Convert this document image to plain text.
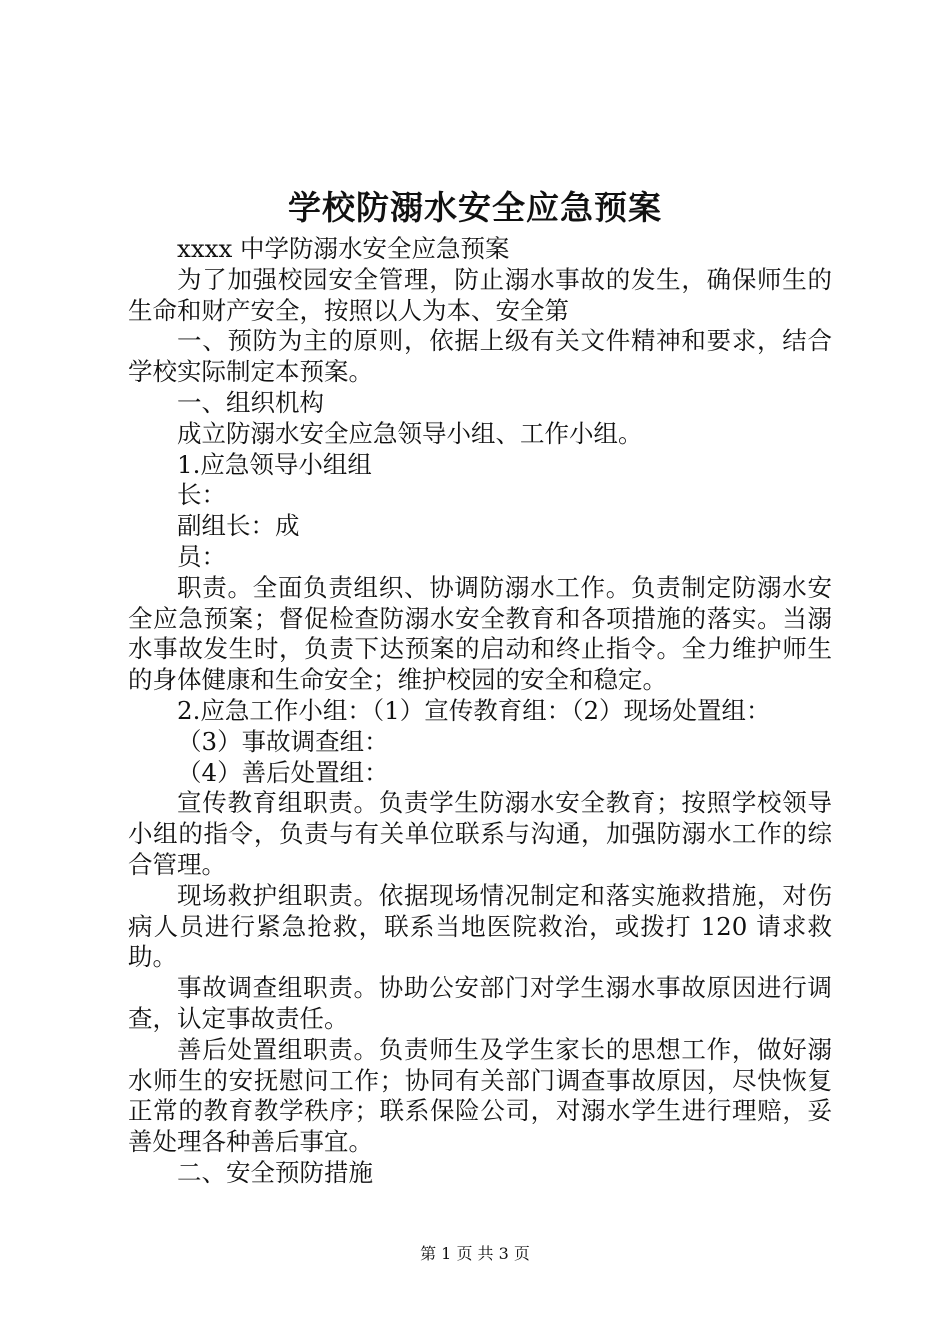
学校防溺水安全应急预案

xxxx 中学防溺水安全应急预案

为了加强校园安全管理，防止溺水事故的发生，确保师生的生命和财产安全，按照以人为本、安全第

一、预防为主的原则，依据上级有关文件精神和要求，结合学校实际制定本预案。

一、组织机构

成立防溺水安全应急领导小组、工作小组。

1.应急领导小组组

长：

副组长：成

员：

职责。全面负责组织、协调防溺水工作。负责制定防溺水安全应急预案；督促检查防溺水安全教育和各项措施的落实。当溺水事故发生时，负责下达预案的启动和终止指令。全力维护师生的身体健康和生命安全；维护校园的安全和稳定。

2.应急工作小组：（1）宣传教育组：（2）现场处置组：

（3）事故调查组：

（4）善后处置组：

宣传教育组职责。负责学生防溺水安全教育；按照学校领导小组的指令，负责与有关单位联系与沟通，加强防溺水工作的综合管理。

现场救护组职责。依据现场情况制定和落实施救措施，对伤病人员进行紧急抢救，联系当地医院救治，或拨打 120 请求救助。

事故调查组职责。协助公安部门对学生溺水事故原因进行调查，认定事故责任。

善后处置组职责。负责师生及学生家长的思想工作，做好溺水师生的安抚慰问工作；协同有关部门调查事故原因，尽快恢复正常的教育教学秩序；联系保险公司，对溺水学生进行理赔，妥善处理各种善后事宜。

二、安全预防措施

第 1 页 共 3 页
